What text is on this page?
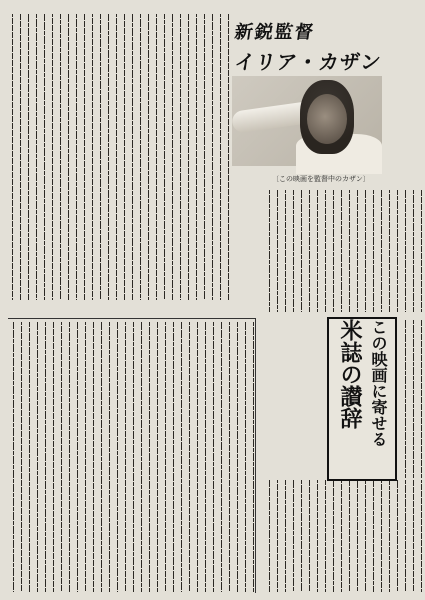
新鋭監督
イリア・カザン
〔この映画を監督中のカザン〕
この映画に寄せる
米誌の讃辞
